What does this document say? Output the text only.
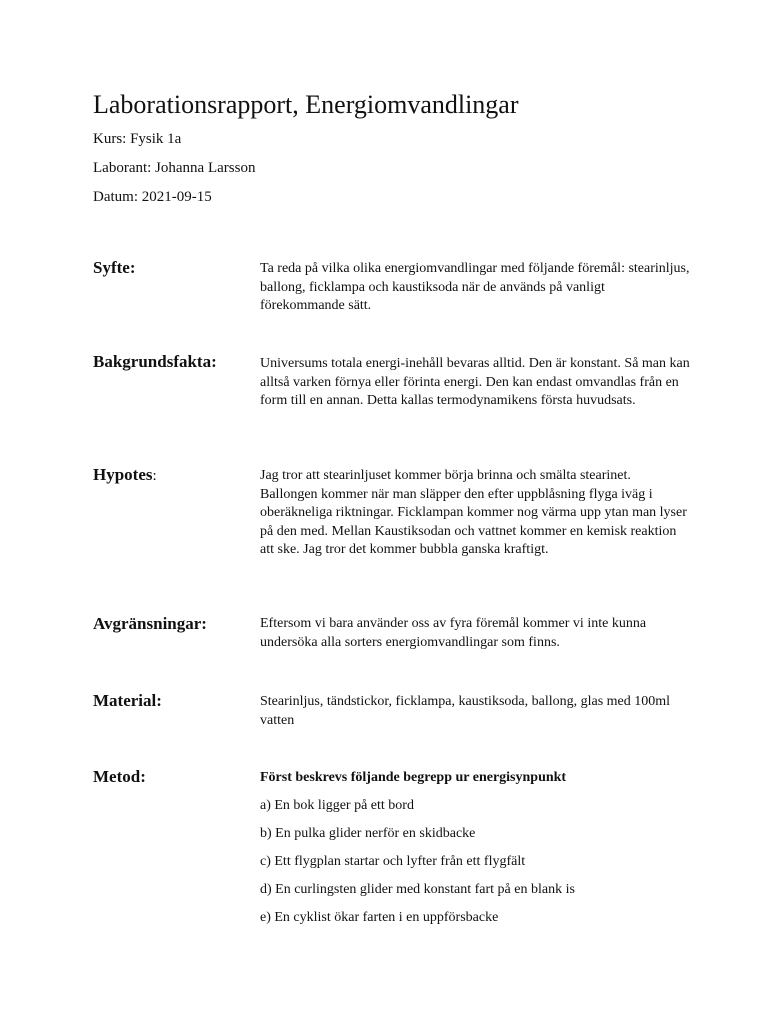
Laborationsrapport, Energiomvandlingar
Kurs: Fysik 1a
Laborant: Johanna Larsson
Datum: 2021-09-15
Syfte:	Ta reda på vilka olika energiomvandlingar med följande föremål: stearinljus, ballong, ficklampa och kaustiksoda när de används på vanligt förekommande sätt.

Bakgrundsfakta:	Universums totala energi-inehåll bevaras alltid. Den är konstant. Så man kan alltså varken förnya eller förinta energi. Den kan endast omvandlas från en form till en annan. Detta kallas termodynamikens första huvudsats.

Hypotes:	Jag tror att stearinljuset kommer börja brinna och smälta stearinet. Ballongen kommer när man släpper den efter uppblåsning flyga iväg i oberäkneliga riktningar. Ficklampan kommer nog värma upp ytan man lyser på den med. Mellan Kaustiksodan och vattnet kommer en kemisk reaktion att ske. Jag tror det kommer bubbla ganska kraftigt.

Avgränsningar:	Eftersom vi bara använder oss av fyra föremål kommer vi inte kunna undersöka alla sorters energiomvandlingar som finns.

Material:	Stearinljus, tändstickor, ficklampa, kaustiksoda, ballong, glas med 100ml vatten

Metod:	Först beskrevs följande begrepp ur energisynpunkt
a) En bok ligger på ett bord
b) En pulka glider nerför en skidbacke
c) Ett flygplan startar och lyfter från ett flygfält
d) En curlingsten glider med konstant fart på en blank is
e) En cyklist ökar farten i en uppförsbacke
